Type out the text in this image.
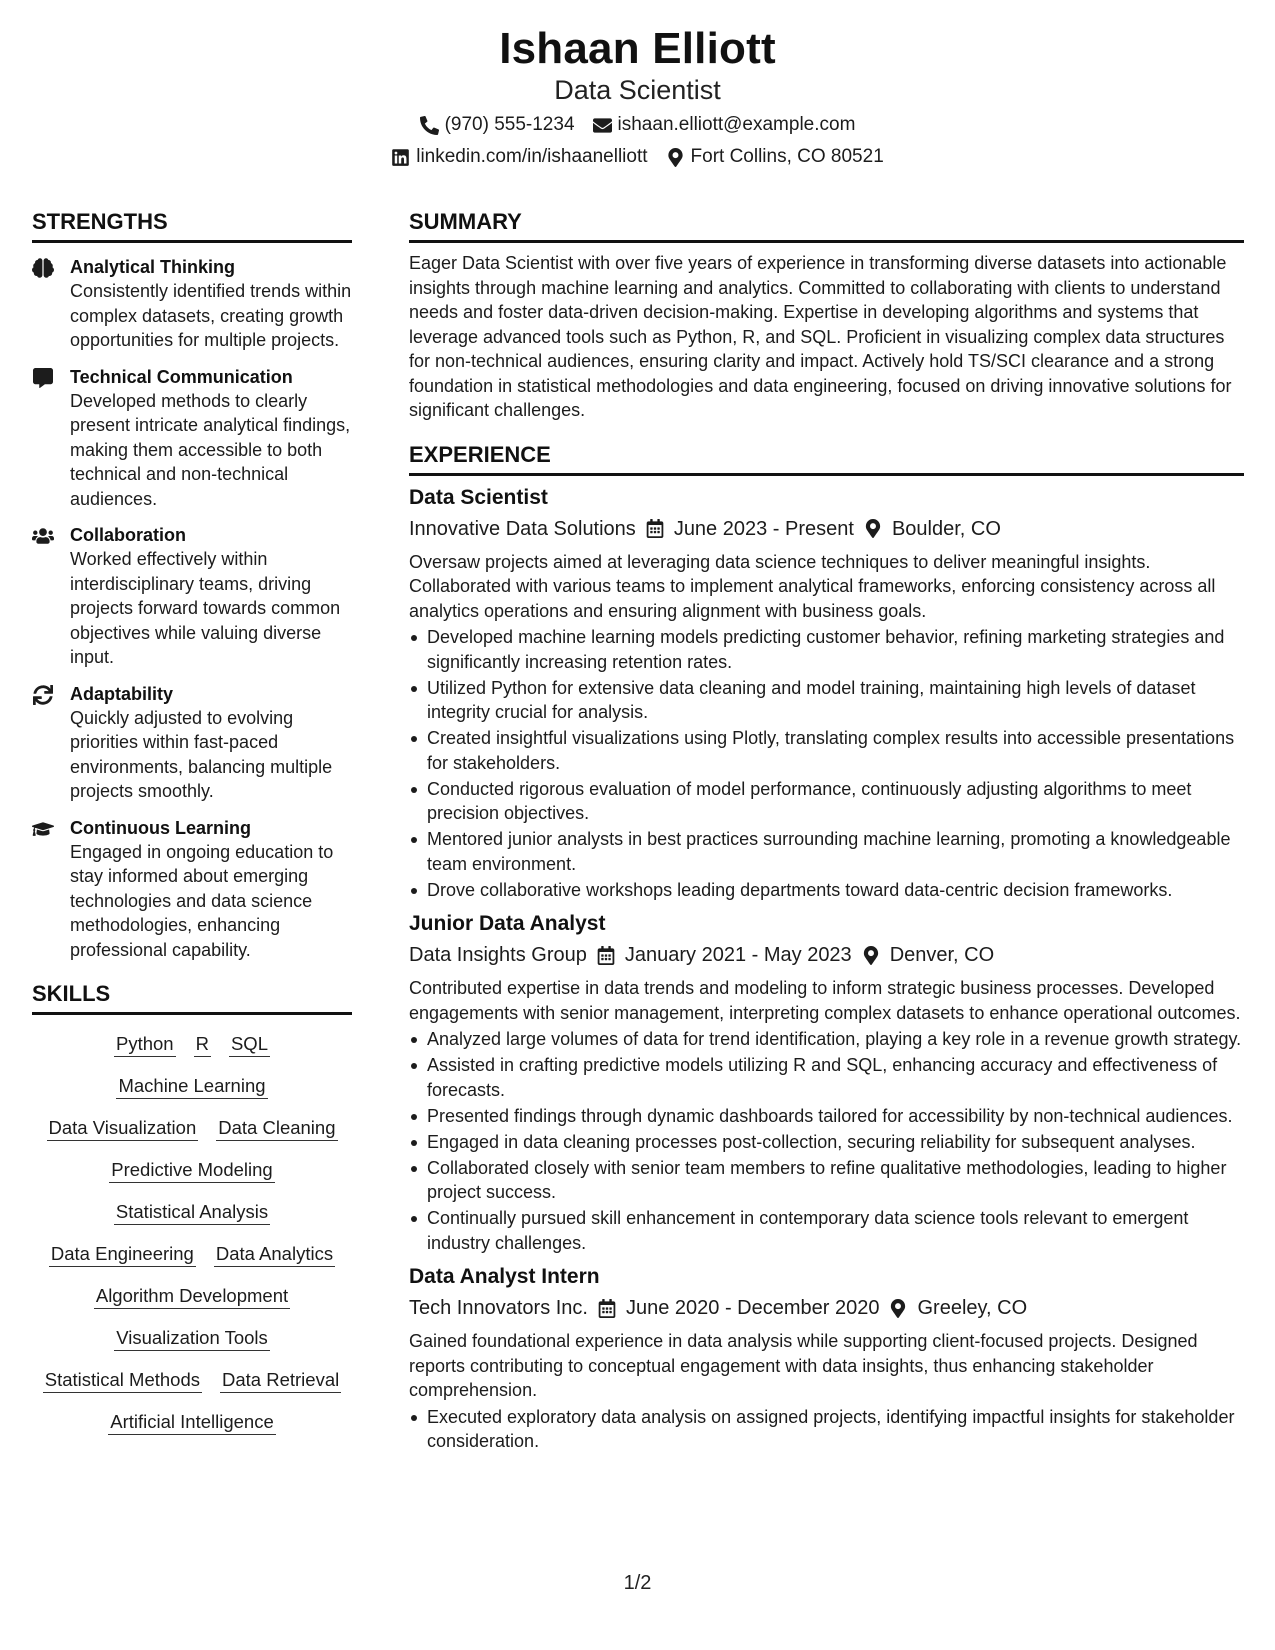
Ishaan Elliott
Data Scientist
(970) 555-1234 ishaan.elliott@example.com
linkedin.com/in/ishaanelliott Fort Collins, CO 80521
STRENGTHS
Analytical Thinking
Consistently identified trends within complex datasets, creating growth opportunities for multiple projects.
Technical Communication
Developed methods to clearly present intricate analytical findings, making them accessible to both technical and non-technical audiences.
Collaboration
Worked effectively within interdisciplinary teams, driving projects forward towards common objectives while valuing diverse input.
Adaptability
Quickly adjusted to evolving priorities within fast-paced environments, balancing multiple projects smoothly.
Continuous Learning
Engaged in ongoing education to stay informed about emerging technologies and data science methodologies, enhancing professional capability.
SKILLS
Python R SQL
Machine Learning
Data Visualization Data Cleaning
Predictive Modeling
Statistical Analysis
Data Engineering Data Analytics
Algorithm Development
Visualization Tools
Statistical Methods Data Retrieval
Artificial Intelligence
SUMMARY
Eager Data Scientist with over five years of experience in transforming diverse datasets into actionable insights through machine learning and analytics. Committed to collaborating with clients to understand needs and foster data-driven decision-making. Expertise in developing algorithms and systems that leverage advanced tools such as Python, R, and SQL. Proficient in visualizing complex data structures for non-technical audiences, ensuring clarity and impact. Actively hold TS/SCI clearance and a strong foundation in statistical methodologies and data engineering, focused on driving innovative solutions for significant challenges.
EXPERIENCE
Data Scientist
Innovative Data Solutions June 2023 - Present Boulder, CO
Oversaw projects aimed at leveraging data science techniques to deliver meaningful insights. Collaborated with various teams to implement analytical frameworks, enforcing consistency across all analytics operations and ensuring alignment with business goals.
Developed machine learning models predicting customer behavior, refining marketing strategies and significantly increasing retention rates.
Utilized Python for extensive data cleaning and model training, maintaining high levels of dataset integrity crucial for analysis.
Created insightful visualizations using Plotly, translating complex results into accessible presentations for stakeholders.
Conducted rigorous evaluation of model performance, continuously adjusting algorithms to meet precision objectives.
Mentored junior analysts in best practices surrounding machine learning, promoting a knowledgeable team environment.
Drove collaborative workshops leading departments toward data-centric decision frameworks.
Junior Data Analyst
Data Insights Group January 2021 - May 2023 Denver, CO
Contributed expertise in data trends and modeling to inform strategic business processes. Developed engagements with senior management, interpreting complex datasets to enhance operational outcomes.
Analyzed large volumes of data for trend identification, playing a key role in a revenue growth strategy.
Assisted in crafting predictive models utilizing R and SQL, enhancing accuracy and effectiveness of forecasts.
Presented findings through dynamic dashboards tailored for accessibility by non-technical audiences.
Engaged in data cleaning processes post-collection, securing reliability for subsequent analyses.
Collaborated closely with senior team members to refine qualitative methodologies, leading to higher project success.
Continually pursued skill enhancement in contemporary data science tools relevant to emergent industry challenges.
Data Analyst Intern
Tech Innovators Inc. June 2020 - December 2020 Greeley, CO
Gained foundational experience in data analysis while supporting client-focused projects. Designed reports contributing to conceptual engagement with data insights, thus enhancing stakeholder comprehension.
Executed exploratory data analysis on assigned projects, identifying impactful insights for stakeholder consideration.
1/2
